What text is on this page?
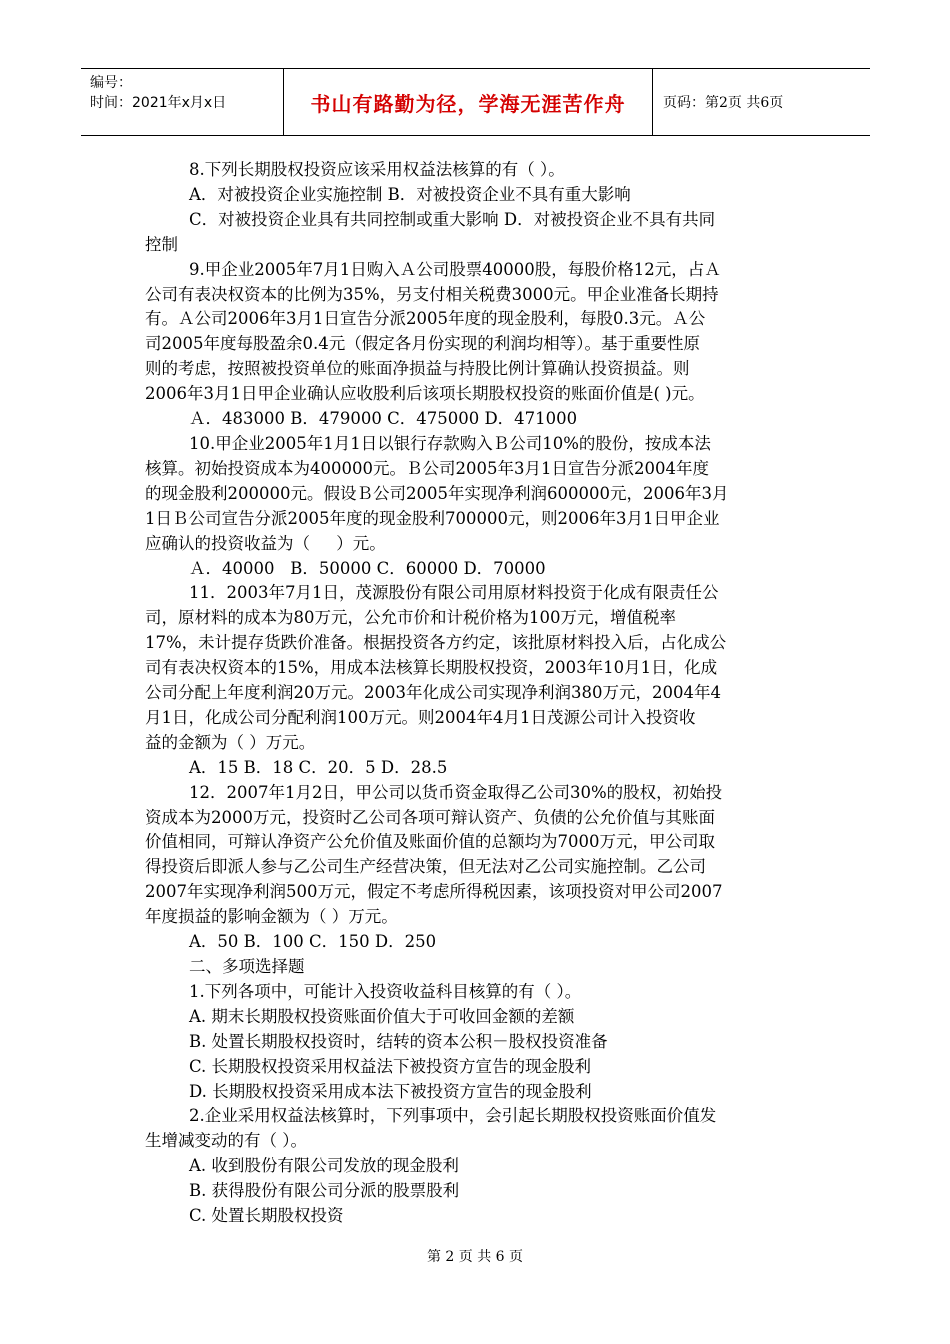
编号：
时间：2021年x月x日	书山有路勤为径，学海无涯苦作舟	页码：第2页 共6页

8.下列长期股权投资应该采用权益法核算的有（ ）。

A．对被投资企业实施控制 B．对被投资企业不具有重大影响

C．对被投资企业具有共同控制或重大影响 D．对被投资企业不具有共同

控制

9.甲企业2005年7月1日购入Ａ公司股票40000股，每股价格12元，占Ａ

公司有表决权资本的比例为35%，另支付相关税费3000元。甲企业准备长期持

有。Ａ公司2006年3月1日宣告分派2005年度的现金股利，每股0.3元。Ａ公

司2005年度每股盈余0.4元（假定各月份实现的利润均相等）。基于重要性原

则的考虑，按照被投资单位的账面净损益与持股比例计算确认投资损益。则

2006年3月1日甲企业确认应收股利后该项长期股权投资的账面价值是( )元。

Ａ．483000 B．479000 C．475000 D．471000

10.甲企业2005年1月1日以银行存款购入Ｂ公司10%的股份，按成本法

核算。初始投资成本为400000元。Ｂ公司2005年3月1日宣告分派2004年度

的现金股利200000元。假设Ｂ公司2005年实现净利润600000元，2006年3月

1日Ｂ公司宣告分派2005年度的现金股利700000元，则2006年3月1日甲企业

应确认的投资收益为（     ）元。

Ａ．40000   B．50000 C．60000 D．70000

11．2003年7月1日，茂源股份有限公司用原材料投资于化成有限责任公

司，原材料的成本为80万元，公允市价和计税价格为100万元，增值税率

17%，未计提存货跌价准备。根据投资各方约定，该批原材料投入后，占化成公

司有表决权资本的15%，用成本法核算长期股权投资，2003年10月1日，化成

公司分配上年度利润20万元。2003年化成公司实现净利润380万元，2004年4

月1日，化成公司分配利润100万元。则2004年4月1日茂源公司计入投资收

益的金额为（ ）万元。

A．15 B．18 C．20．5 D．28.5

12．2007年1月2日，甲公司以货币资金取得乙公司30%的股权，初始投

资成本为2000万元，投资时乙公司各项可辩认资产、负债的公允价值与其账面

价值相同，可辩认净资产公允价值及账面价值的总额均为7000万元，甲公司取

得投资后即派人参与乙公司生产经营决策，但无法对乙公司实施控制。乙公司

2007年实现净利润500万元，假定不考虑所得税因素，该项投资对甲公司2007

年度损益的影响金额为（ ）万元。

A．50 B．100 C．150 D．250

二、多项选择题

1.下列各项中，可能计入投资收益科目核算的有（ ）。

A. 期末长期股权投资账面价值大于可收回金额的差额

B. 处置长期股权投资时，结转的资本公积－股权投资准备

C. 长期股权投资采用权益法下被投资方宣告的现金股利

D. 长期股权投资采用成本法下被投资方宣告的现金股利

2.企业采用权益法核算时，下列事项中，会引起长期股权投资账面价值发

生增减变动的有（ ）。

A. 收到股份有限公司发放的现金股利

B. 获得股份有限公司分派的股票股利

C. 处置长期股权投资

第 2 页 共 6 页
